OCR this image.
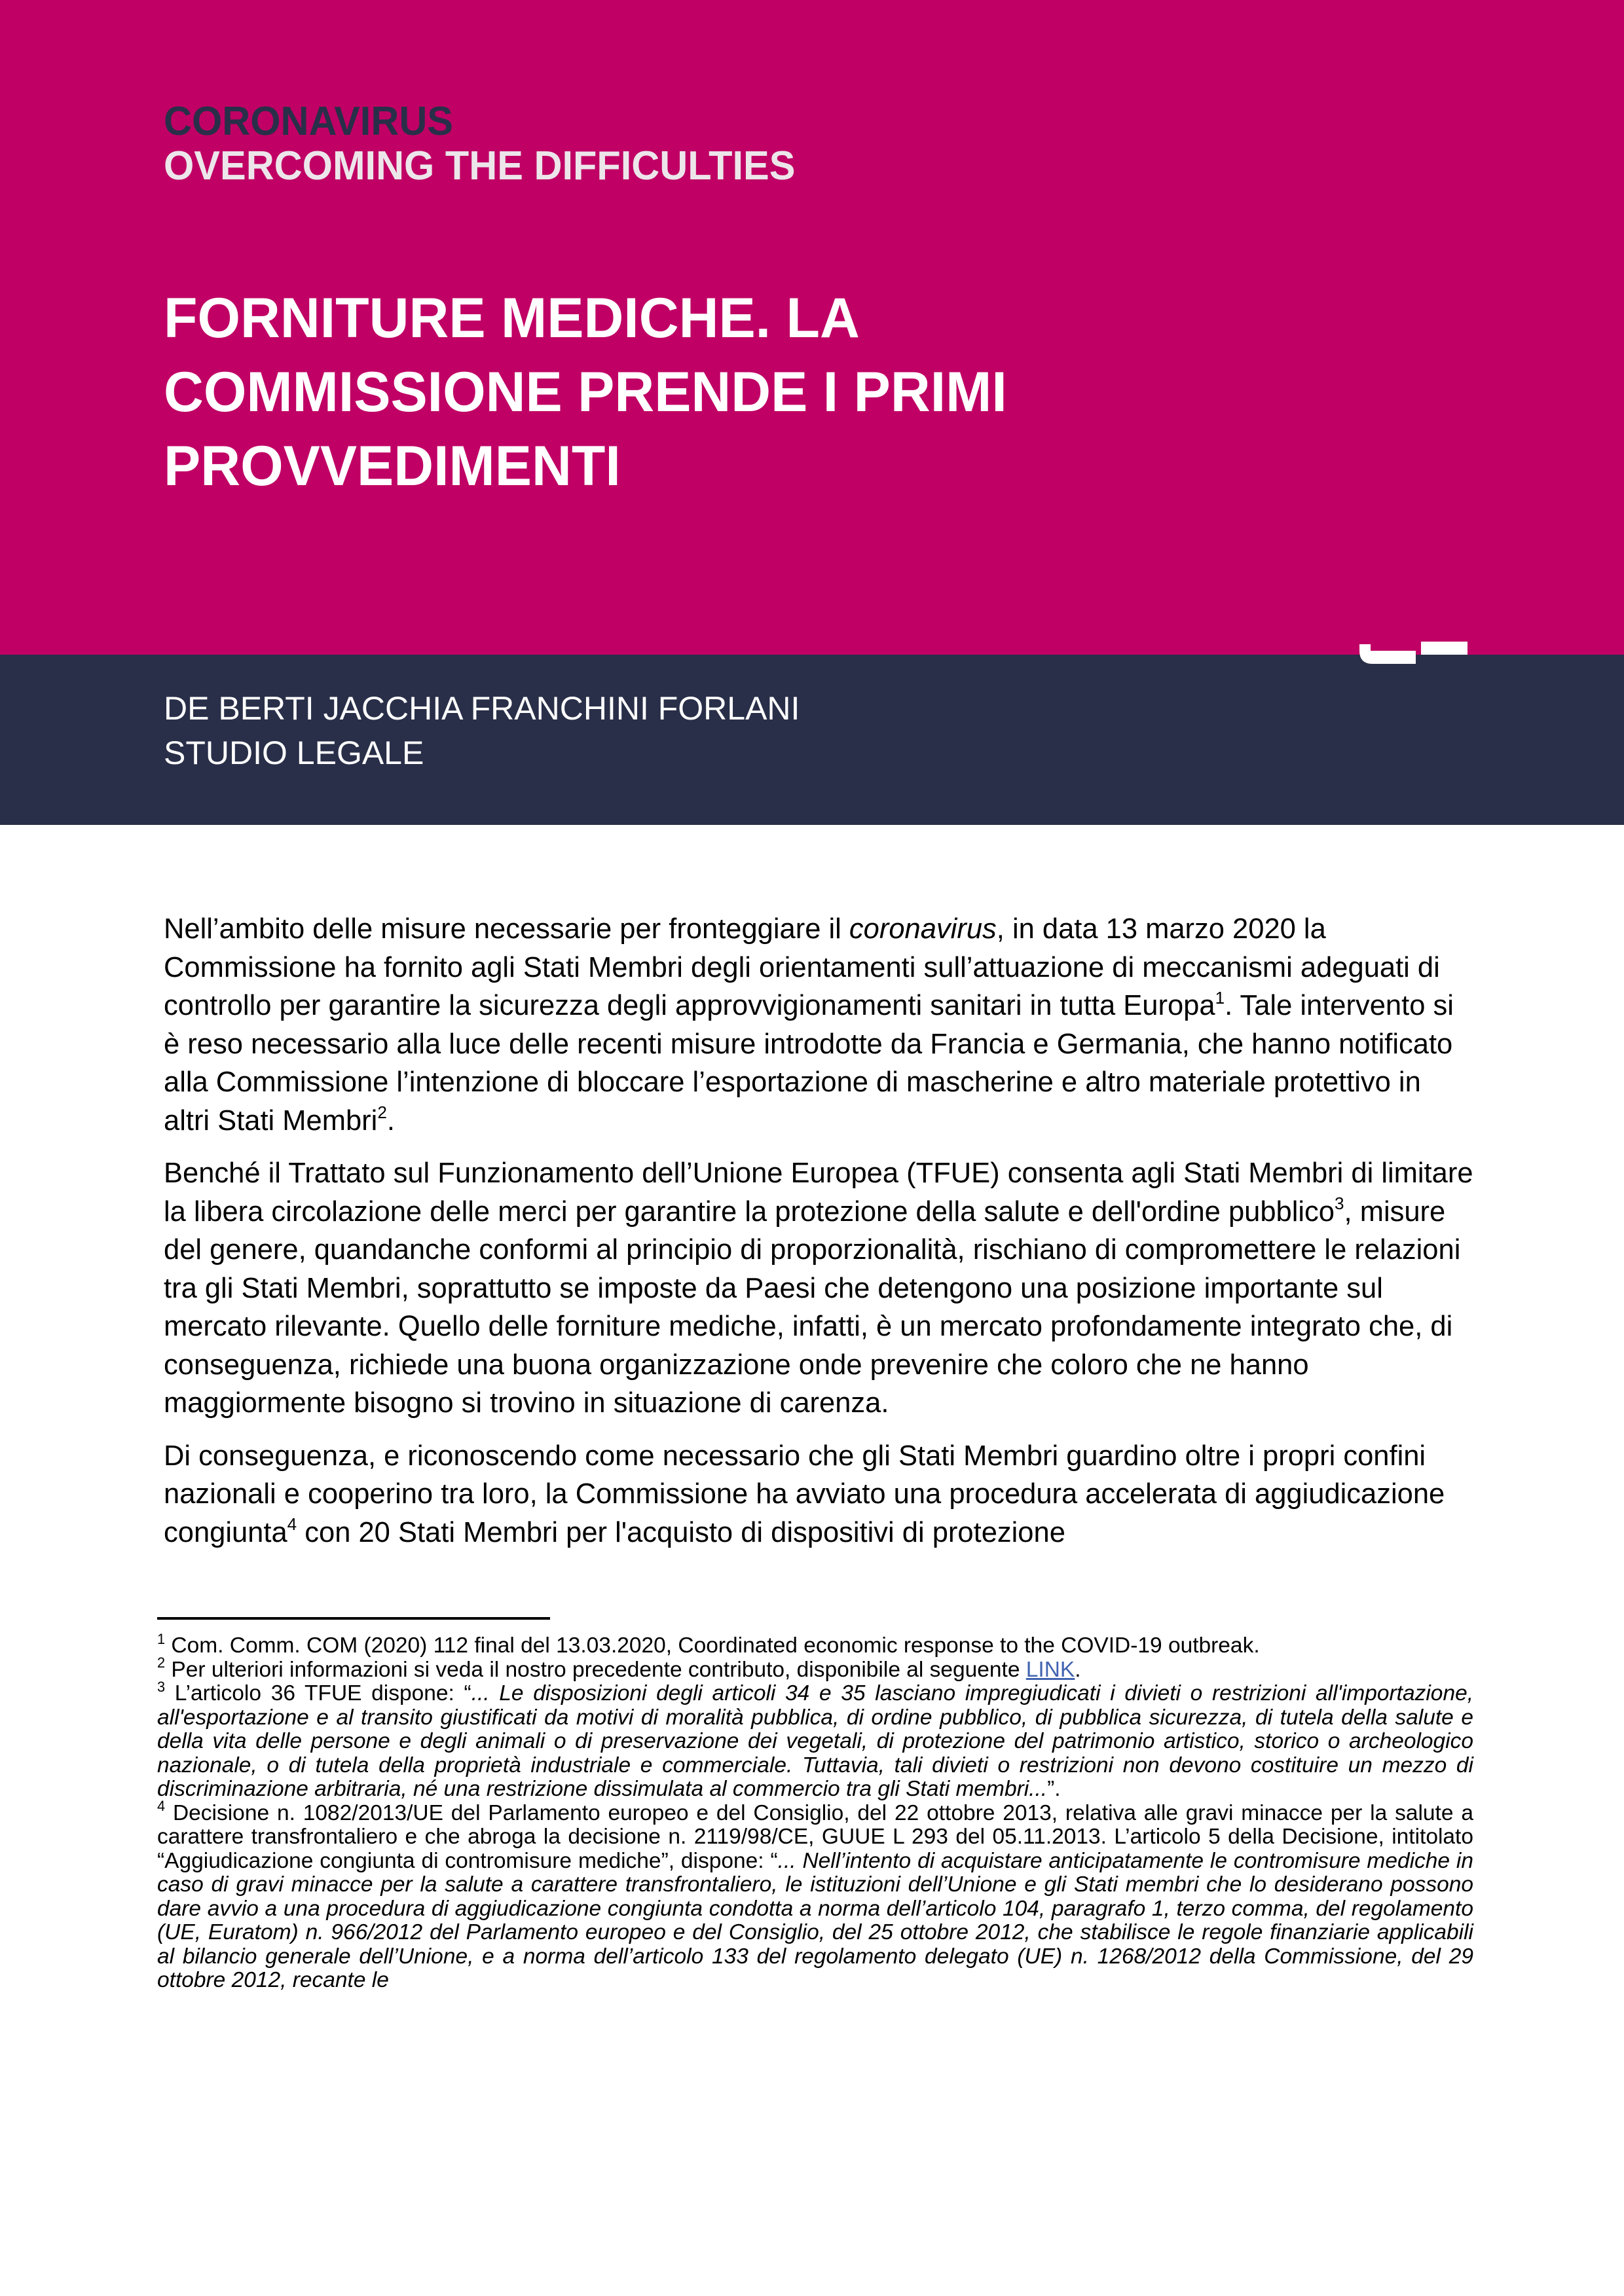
CORONAVIRUS
OVERCOMING THE DIFFICULTIES
FORNITURE MEDICHE. LA
COMMISSIONE PRENDE I PRIMI
PROVVEDIMENTI
DE BERTI JACCHIA FRANCHINI FORLANI
STUDIO LEGALE

Nell’ambito delle misure necessarie per fronteggiare il coronavirus, in data 13 marzo 2020 la Commissione ha fornito agli Stati Membri degli orientamenti sull’attuazione di meccanismi adeguati di controllo per garantire la sicurezza degli approvvigionamenti sanitari in tutta Europa$^1$. Tale intervento si è reso necessario alla luce delle recenti misure introdotte da Francia e Germania, che hanno notificato alla Commissione l’intenzione di bloccare l’esportazione di mascherine e altro materiale protettivo in altri Stati Membri$^2$.

Benché il Trattato sul Funzionamento dell’Unione Europea (TFUE) consenta agli Stati Membri di limitare la libera circolazione delle merci per garantire la protezione della salute e dell'ordine pubblico$^3$, misure del genere, quandanche conformi al principio di proporzionalità, rischiano di compromettere le relazioni tra gli Stati Membri, soprattutto se imposte da Paesi che detengono una posizione importante sul mercato rilevante. Quello delle forniture mediche, infatti, è un mercato profondamente integrato che, di conseguenza, richiede una buona organizzazione onde prevenire che coloro che ne hanno maggiormente bisogno si trovino in situazione di carenza.

Di conseguenza, e riconoscendo come necessario che gli Stati Membri guardino oltre i propri confini nazionali e cooperino tra loro, la Commissione ha avviato una procedura accelerata di aggiudicazione congiunta$^4$ con 20 Stati Membri per l'acquisto di dispositivi di protezione

$^1$ Com. Comm. COM (2020) 112 final del 13.03.2020, Coordinated economic response to the COVID-19 outbreak.

$^2$ Per ulteriori informazioni si veda il nostro precedente contributo, disponibile al seguente LINK.

$^3$ L’articolo 36 TFUE dispone: “... Le disposizioni degli articoli 34 e 35 lasciano impregiudicati i divieti o restrizioni all'importazione, all'esportazione e al transito giustificati da motivi di moralità pubblica, di ordine pubblico, di pubblica sicurezza, di tutela della salute e della vita delle persone e degli animali o di preservazione dei vegetali, di protezione del patrimonio artistico, storico o archeologico nazionale, o di tutela della proprietà industriale e commerciale. Tuttavia, tali divieti o restrizioni non devono costituire un mezzo di discriminazione arbitraria, né una restrizione dissimulata al commercio tra gli Stati membri...”.

$^4$ Decisione n. 1082/2013/UE del Parlamento europeo e del Consiglio, del 22 ottobre 2013, relativa alle gravi minacce per la salute a carattere transfrontaliero e che abroga la decisione n. 2119/98/CE, GUUE L 293 del 05.11.2013. L’articolo 5 della Decisione, intitolato “Aggiudicazione congiunta di contromisure mediche”, dispone: “... Nell’intento di acquistare anticipatamente le contromisure mediche in caso di gravi minacce per la salute a carattere transfrontaliero, le istituzioni dell’Unione e gli Stati membri che lo desiderano possono dare avvio a una procedura di aggiudicazione congiunta condotta a norma dell’articolo 104, paragrafo 1, terzo comma, del regolamento (UE, Euratom) n. 966/2012 del Parlamento europeo e del Consiglio, del 25 ottobre 2012, che stabilisce le regole finanziarie applicabili al bilancio generale dell’Unione, e a norma dell’articolo 133 del regolamento delegato (UE) n. 1268/2012 della Commissione, del 29 ottobre 2012, recante le
